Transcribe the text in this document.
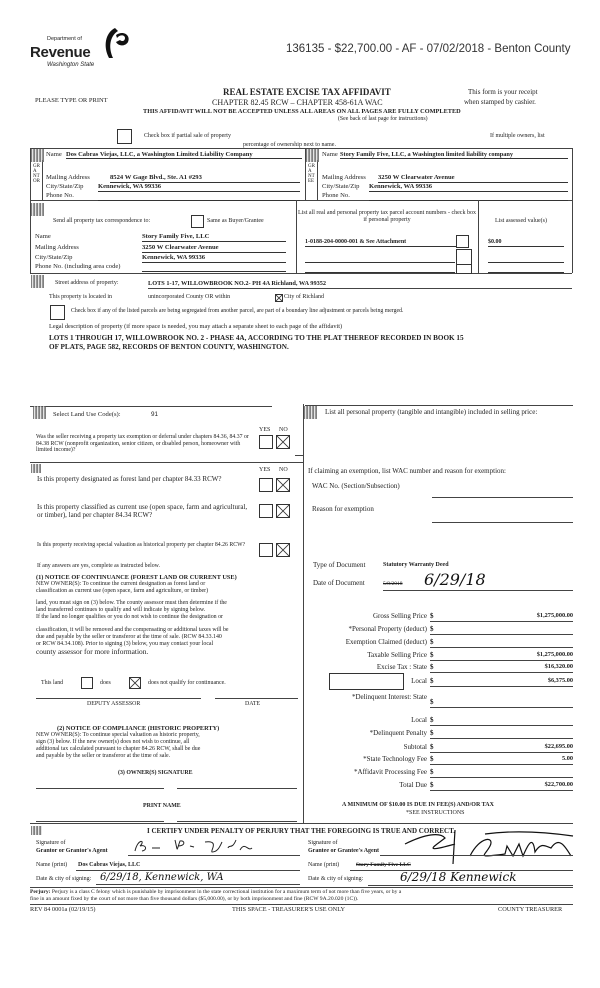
Department of
Revenue
Washington State
136135 - $22,700.00 - AF - 07/02/2018 - Benton County
PLEASE TYPE OR PRINT
REAL ESTATE EXCISE TAX AFFIDAVIT
CHAPTER 82.45 RCW – CHAPTER 458-61A WAC
THIS AFFIDAVIT WILL NOT BE ACCEPTED UNLESS ALL AREAS ON ALL PAGES ARE FULLY COMPLETED
(See back of last page for instructions)
This form is your receipt
when stamped by cashier.
Check box if partial sale of property	If multiple owners, list
percentage of ownership next to name.
GRANTOR
Name Dos Cabras Viejas, LLC, a Washington Limited Liability Company
Mailing Address	8524 W Gage Blvd., Ste. A1 #293
City/State/Zip Kennewick, WA 99336
Phone No.

GRANTEE
Name Story Family Five, LLC, a Washington limited liability company
Mailing Address 3250 W Clearwater Avenue
City/State/Zip Kennewick, WA 99336
Phone No.

Send all property tax correspondence to:	Same as Buyer/Grantee
Name	Story Family Five, LLC
Mailing Address	3250 W Clearwater Avenue
City/State/Zip	Kennewick, WA 99336
Phone No. (including area code)

List all real and personal property tax parcel account numbers - check box if personal property	List assessed value(s)
1-0188-204-0000-001 & See Attachment	$0.00

Street address of property:	LOTS 1-17, WILLOWBROOK NO.2- PH 4A Richland, WA 99352
This property is located in	unincorporated County OR within	City of Richland
Check box if any of the listed parcels are being segregated from another parcel, are part of a boundary line adjustment or parcels being merged.
Legal description of property (if more space is needed, you may attach a separate sheet to each page of the affidavit)
LOTS 1 THROUGH 17, WILLOWBROOK NO. 2 - PHASE 4A, ACCORDING TO THE PLAT THEREOF RECORDED IN BOOK 15
OF PLATS, PAGE 582, RECORDS OF BENTON COUNTY, WASHINGTON.
Select Land Use Code(s):	91
YES NO
Was the seller receiving a property tax exemption or deferral under chapters 84.36, 84.37 or 84.38 RCW (nonprofit organization, senior citizen, or disabled person, homeowner with limited income)?
YES NO
Is this property designated as forest land per chapter 84.33 RCW?
Is this property classified as current use (open space, farm and agricultural, or timber), land per chapter 84.34 RCW?
Is this property receiving special valuation as historical property per chapter 84.26 RCW?
If any answers are yes, complete as instructed below.
(1) NOTICE OF CONTINUANCE (FOREST LAND OR CURRENT USE)
NEW OWNER(S): To continue the current designation as forest land or
classification as current use (open space, farm and agriculture, or timber)
land, you must sign on (3) below. The county assessor must then determine if the
land transferred continues to qualify and will indicate by signing below.
If the land no longer qualifies or you do not wish to continue the designation or
classification, it will be removed and the compensating or additional taxes will be
due and payable by the seller or transferor at the time of sale. (RCW 84.33.140
or RCW 84.34.108). Prior to signing (3) below, you may contact your local
county assessor for more information.
This land	does	does not qualify for continuance.
DEPUTY ASSESSOR	DATE
(2) NOTICE OF COMPLIANCE (HISTORIC PROPERTY)
NEW OWNER(S): To continue special valuation as historic property,
sign (3) below. If the new owner(s) does not wish to continue, all
additional tax calculated pursuant to chapter 84.26 RCW, shall be due
and payable by the seller or transferor at the time of sale.
(3) OWNER(S) SIGNATURE
PRINT NAME
List all personal property (tangible and intangible) included in selling price:
If claiming an exemption, list WAC number and reason for exemption:
WAC No. (Section/Subsection)
Reason for exemption
Type of Document	Statutory Warranty Deed
Date of Document	5/8/2018 6/29/18
Gross Selling Price $	$1,275,000.00
*Personal Property (deduct) $
Exemption Claimed (deduct) $
Taxable Selling Price $	$1,275,000.00
Excise Tax : State $	$16,320.00
Local $	$6,375.00
*Delinquent Interest: State
$
Local $
*Delinquent Penalty $
Subtotal $	$22,695.00
*State Technology Fee $	5.00
*Affidavit Processing Fee $
Total Due $	$22,700.00
A MINIMUM OF $10.00 IS DUE IN FEE(S) AND/OR TAX
*SEE INSTRUCTIONS
I CERTIFY UNDER PENALTY OF PERJURY THAT THE FOREGOING IS TRUE AND CORRECT.
Signature of
Grantor or Grantor's Agent
Name (print) Dos Cabras Viejas, LLC
Date & city of signing: 6/29/18, Kennewick, WA
Signature of
Grantee or Grantee's Agent
Name (print)	Story Family Five LLC
Date & city of signing:	6/29/18 Kennewick
Perjury: Perjury is a class C felony which is punishable by imprisonment in the state correctional institution for a maximum term of not more than five years, or by a
fine in an amount fixed by the court of not more than five thousand dollars ($5,000.00), or by both imprisonment and fine (RCW 9A.20.020 (1C)).
REV 84 0001a (02/19/15)	THIS SPACE - TREASURER'S USE ONLY	COUNTY TREASURER
